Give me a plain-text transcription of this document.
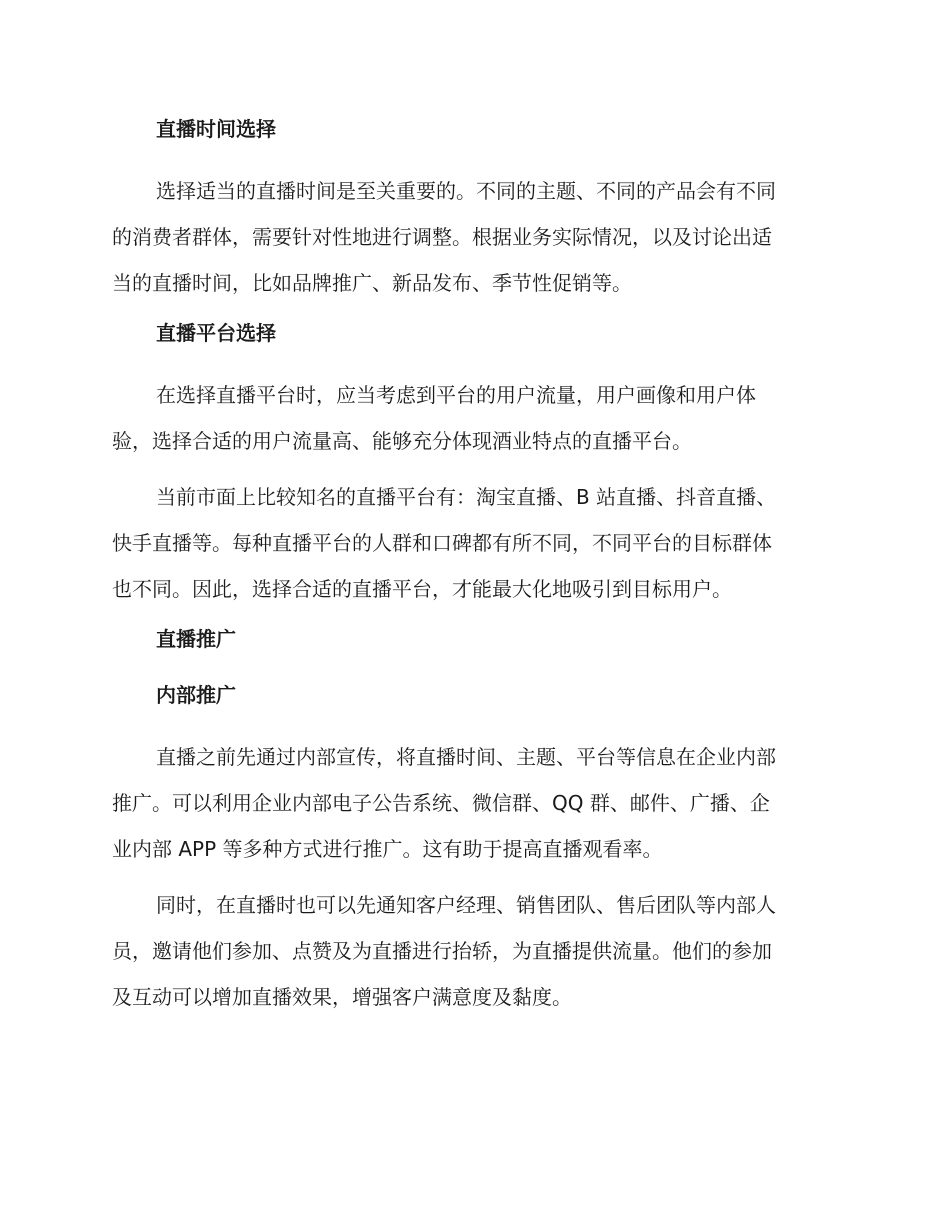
直播时间选择
选择适当的直播时间是至关重要的。不同的主题、不同的产品会有不同
的消费者群体，需要针对性地进行调整。根据业务实际情况，以及讨论出适
当的直播时间，比如品牌推广、新品发布、季节性促销等。
直播平台选择
在选择直播平台时，应当考虑到平台的用户流量，用户画像和用户体
验，选择合适的用户流量高、能够充分体现酒业特点的直播平台。
当前市面上比较知名的直播平台有：淘宝直播、B 站直播、抖音直播、
快手直播等。每种直播平台的人群和口碑都有所不同，不同平台的目标群体
也不同。因此，选择合适的直播平台，才能最大化地吸引到目标用户。
直播推广
内部推广
直播之前先通过内部宣传，将直播时间、主题、平台等信息在企业内部
推广。可以利用企业内部电子公告系统、微信群、QQ 群、邮件、广播、企
业内部 APP 等多种方式进行推广。这有助于提高直播观看率。
同时，在直播时也可以先通知客户经理、销售团队、售后团队等内部人
员，邀请他们参加、点赞及为直播进行抬轿，为直播提供流量。他们的参加
及互动可以增加直播效果，增强客户满意度及黏度。
